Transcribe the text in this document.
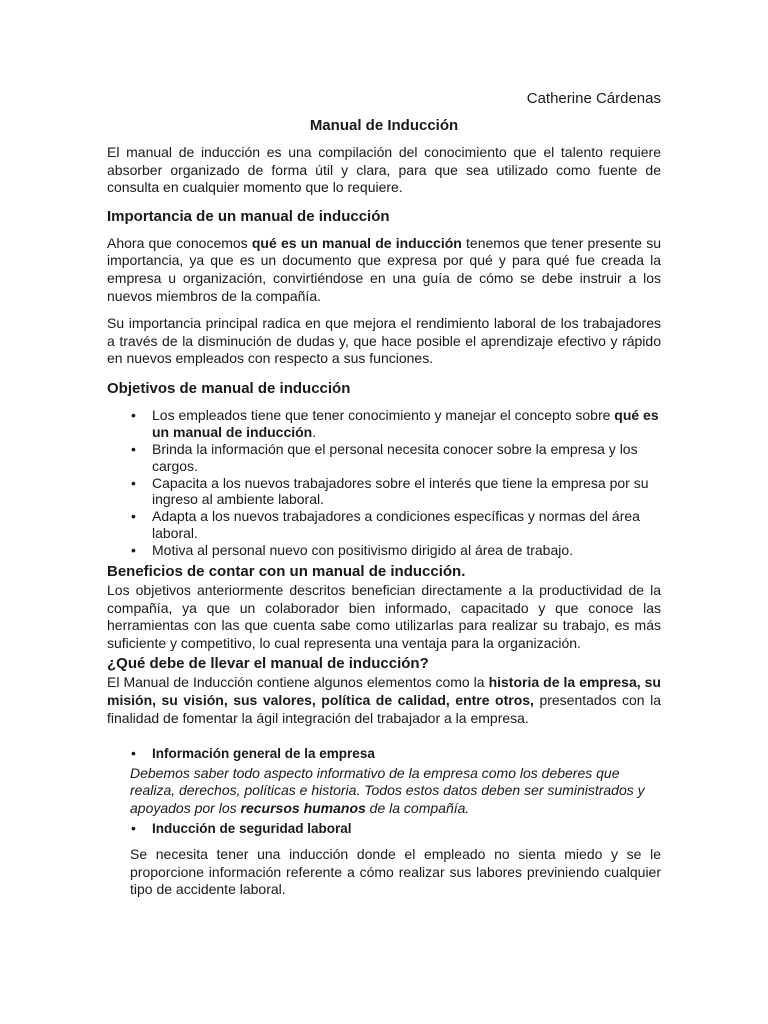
Catherine Cárdenas
Manual de Inducción

El manual de inducción es una compilación del conocimiento que el talento requiere absorber organizado de forma útil y clara, para que sea utilizado como fuente de consulta en cualquier momento que lo requiere.

Importancia de un manual de inducción

Ahora que conocemos qué es un manual de inducción tenemos que tener presente su importancia, ya que es un documento que expresa por qué y para qué fue creada la empresa u organización, convirtiéndose en una guía de cómo se debe instruir a los nuevos miembros de la compañía.

Su importancia principal radica en que mejora el rendimiento laboral de los trabajadores a través de la disminución de dudas y, que hace posible el aprendizaje efectivo y rápido en nuevos empleados con respecto a sus funciones.

Objetivos de manual de inducción
• Los empleados tiene que tener conocimiento y manejar el concepto sobre qué es un manual de inducción.
• Brinda la información que el personal necesita conocer sobre la empresa y los cargos.
• Capacita a los nuevos trabajadores sobre el interés que tiene la empresa por su ingreso al ambiente laboral.
• Adapta a los nuevos trabajadores a condiciones específicas y normas del área laboral.
• Motiva al personal nuevo con positivismo dirigido al área de trabajo.
Beneficios de contar con un manual de inducción.

Los objetivos anteriormente descritos benefician directamente a la productividad de la compañía, ya que un colaborador bien informado, capacitado y que conoce las herramientas con las que cuenta sabe como utilizarlas para realizar su trabajo, es más suficiente y competitivo, lo cual representa una ventaja para la organización.

¿Qué debe de llevar el manual de inducción?

El Manual de Inducción contiene algunos elementos como la historia de la empresa, su misión, su visión, sus valores, política de calidad, entre otros, presentados con la finalidad de fomentar la ágil integración del trabajador a la empresa.

• Información general de la empresa
Debemos saber todo aspecto informativo de la empresa como los deberes que realiza, derechos, políticas e historia. Todos estos datos deben ser suministrados y apoyados por los recursos humanos de la compañía.
• Inducción de seguridad laboral

Se necesita tener una inducción donde el empleado no sienta miedo y se le proporcione información referente a cómo realizar sus labores previniendo cualquier tipo de accidente laboral.
